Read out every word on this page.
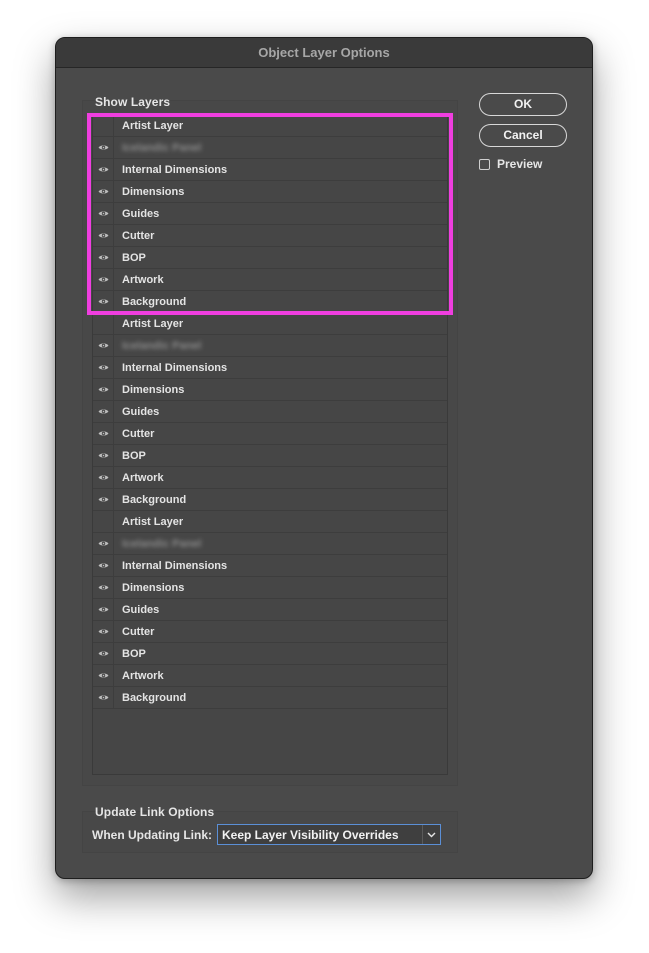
Object Layer Options
Show Layers
Artist Layer
Icelandic Panel
Internal Dimensions
Dimensions
Guides
Cutter
BOP
Artwork
Background
Artist Layer
Icelandic Panel
Internal Dimensions
Dimensions
Guides
Cutter
BOP
Artwork
Background
Artist Layer
Icelandic Panel
Internal Dimensions
Dimensions
Guides
Cutter
BOP
Artwork
Background
OK
Cancel
Preview
Update Link Options
When Updating Link: Keep Layer Visibility Overrides
